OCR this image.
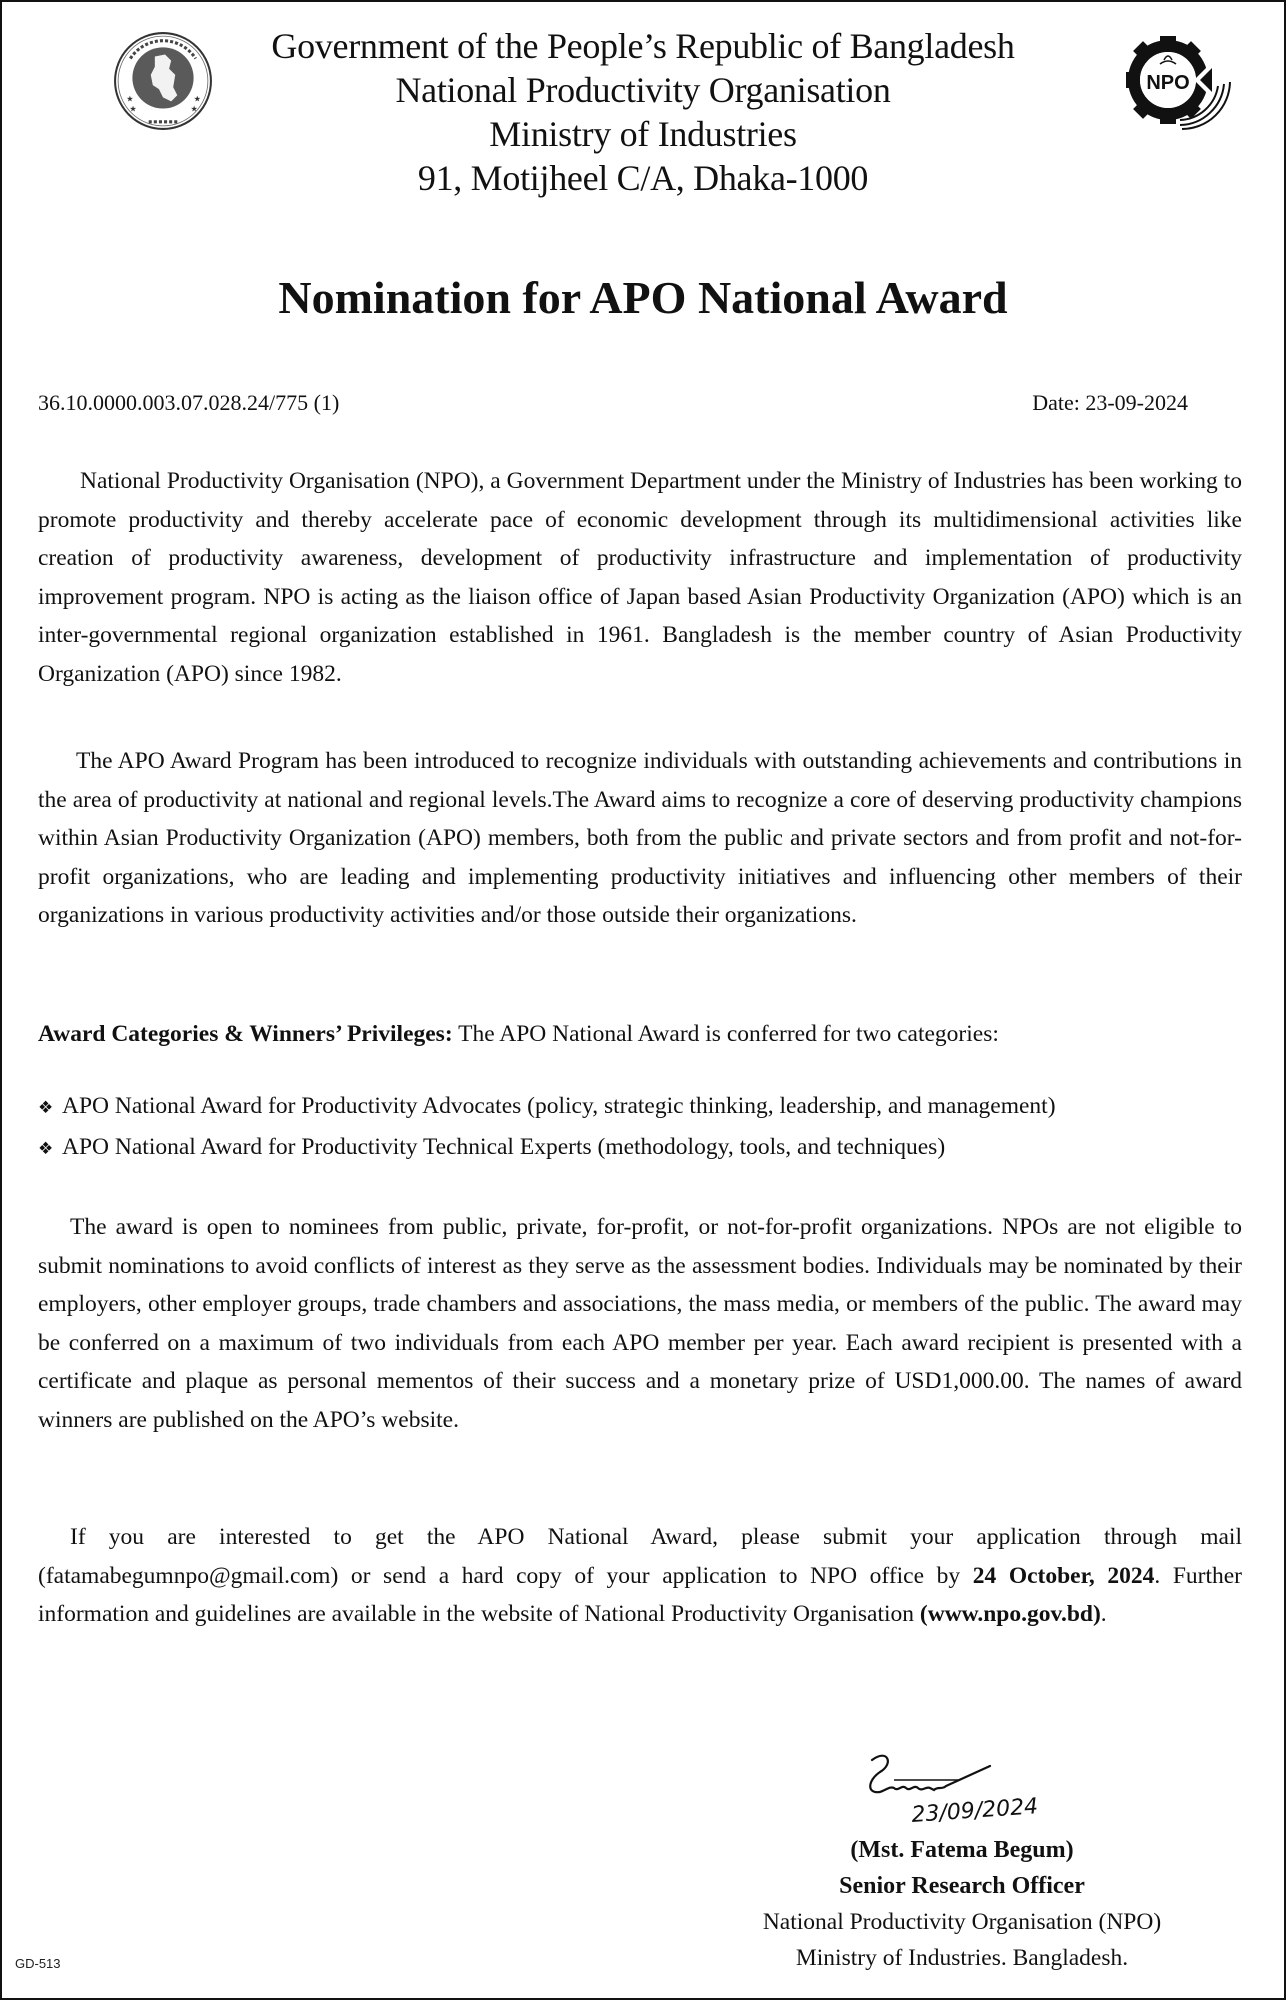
★	★
★	★
Government of the People’s Republic of Bangladesh
National Productivity Organisation
Ministry of Industries
91, Motijheel C/A, Dhaka-1000
NPO
Nomination for APO National Award
36.10.0000.003.07.028.24/775 (1)	Date: 23-09-2024

National Productivity Organisation (NPO), a Government Department under the Ministry of Industries has been working to promote productivity and thereby accelerate pace of economic development through its multidimensional activities like creation of productivity awareness, development of productivity infrastructure and implementation of productivity improvement program. NPO is acting as the liaison office of Japan based Asian Productivity Organization (APO) which is an inter-governmental regional organization established in 1961. Bangladesh is the member country of Asian Productivity Organization (APO) since 1982.

The APO Award Program has been introduced to recognize individuals with outstanding achievements and contributions in the area of productivity at national and regional levels.The Award aims to recognize a core of deserving productivity champions within Asian Productivity Organization (APO) members, both from the public and private sectors and from profit and not-for-profit organizations, who are leading and implementing productivity initiatives and influencing other members of their organizations in various productivity activities and/or those outside their organizations.

Award Categories & Winners’ Privileges: The APO National Award is conferred for two categories:
❖ APO National Award for Productivity Advocates (policy, strategic thinking, leadership, and management)
❖ APO National Award for Productivity Technical Experts (methodology, tools, and techniques)

The award is open to nominees from public, private, for-profit, or not-for-profit organizations. NPOs are not eligible to submit nominations to avoid conflicts of interest as they serve as the assessment bodies. Individuals may be nominated by their employers, other employer groups, trade chambers and associations, the mass media, or members of the public. The award may be conferred on a maximum of two individuals from each APO member per year. Each award recipient is presented with a certificate and plaque as personal mementos of their success and a monetary prize of USD1,000.00. The names of award winners are published on the APO’s website.

If you are interested to get the APO National Award, please submit your application through mail (fatamabegumnpo@gmail.com) or send a hard copy of your application to NPO office by 24 October, 2024. Further information and guidelines are available in the website of National Productivity Organisation (www.npo.gov.bd).

23/09/2024
(Mst. Fatema Begum)
Senior Research Officer
National Productivity Organisation (NPO)
Ministry of Industries. Bangladesh.
GD-513
